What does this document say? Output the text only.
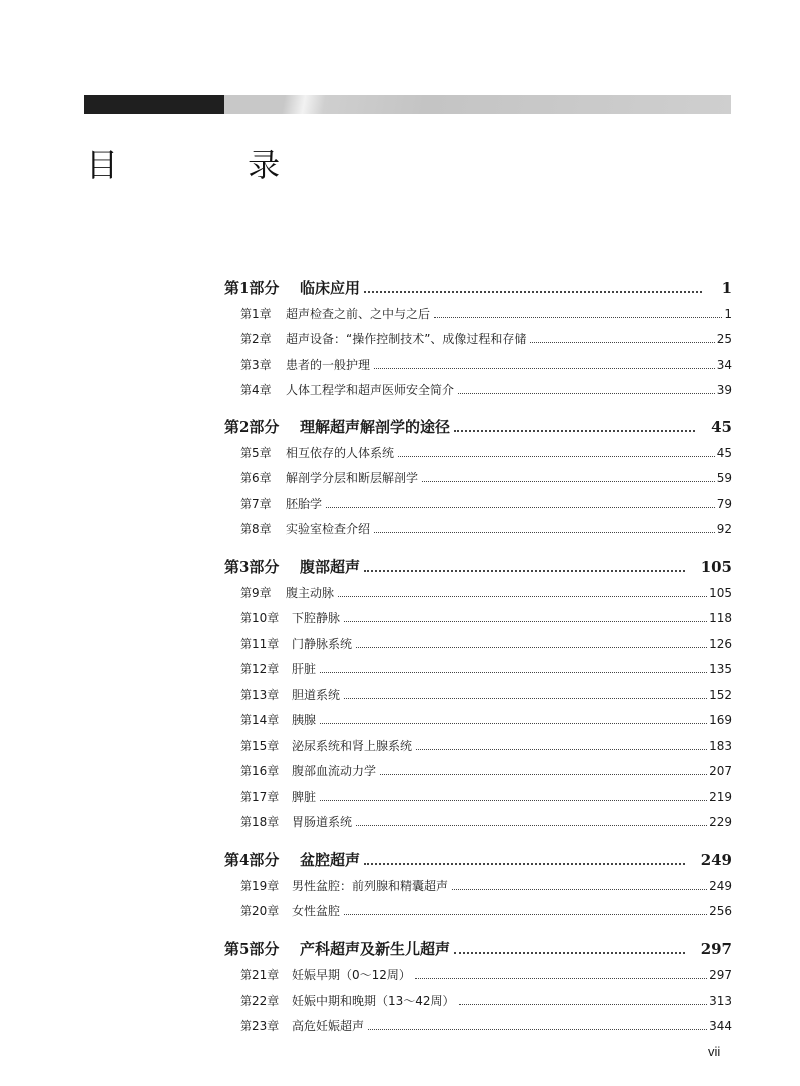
目 录
第1部分	临床应用	1
第1章	超声检查之前、之中与之后	1
第2章	超声设备：“操作控制技术”、成像过程和存储	25
第3章	患者的一般护理	34
第4章	人体工程学和超声医师安全简介	39
第2部分	理解超声解剖学的途径	45
第5章	相互依存的人体系统	45
第6章	解剖学分层和断层解剖学	59
第7章	胚胎学	79
第8章	实验室检查介绍	92
第3部分	腹部超声	105
第9章	腹主动脉	105
第10章	下腔静脉	118
第11章	门静脉系统	126
第12章	肝脏	135
第13章	胆道系统	152
第14章	胰腺	169
第15章	泌尿系统和肾上腺系统	183
第16章	腹部血流动力学	207
第17章	脾脏	219
第18章	胃肠道系统	229
第4部分	盆腔超声	249
第19章	男性盆腔：前列腺和精囊超声	249
第20章	女性盆腔	256
第5部分	产科超声及新生儿超声	297
第21章	妊娠早期（0～12周）	297
第22章	妊娠中期和晚期（13～42周）	313
第23章	高危妊娠超声	344
vii
